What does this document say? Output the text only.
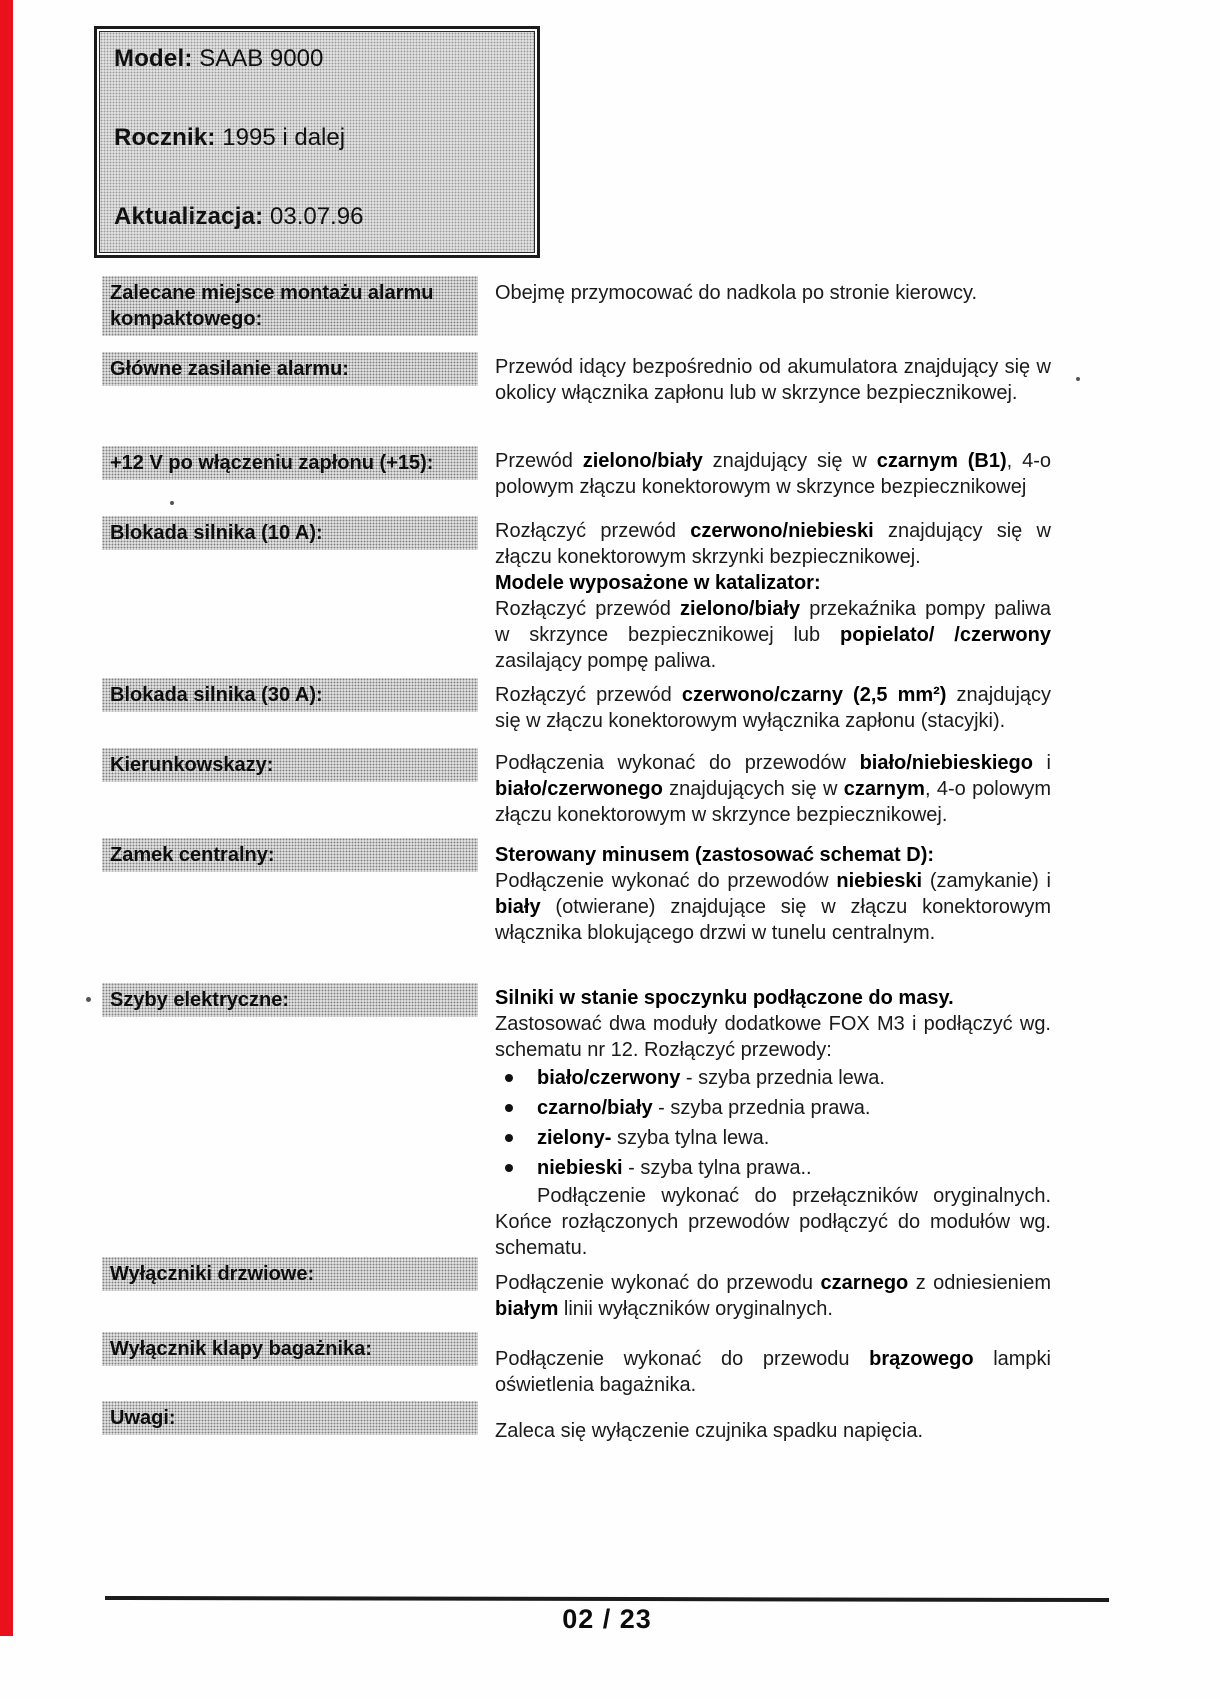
Model: SAAB 9000
Rocznik: 1995 i dalej
Aktualizacja: 03.07.96
Zalecane miejsce montażu alarmu kompaktowego:

Obejmę przymocować do nadkola po stronie kierowcy.

Główne zasilanie alarmu:	Przewód idący bezpośrednio od akumulatora znajdujący się w okolicy włącznika zapłonu lub w skrzynce bezpiecznikowej.

+12 V po włączeniu zapłonu (+15):	Przewód zielono/biały znajdujący się w czarnym (B1), 4-o polowym złączu konektorowym w skrzynce bezpiecznikowej

Blokada silnika (10 A):	Rozłączyć przewód czerwono/niebieski znajdujący się w złączu konektorowym skrzynki bezpiecznikowej.

Modele wyposażone w katalizator:

Rozłączyć przewód zielono/biały przekaźnika pompy paliwa w skrzynce bezpiecznikowej lub popielato/ /czerwony zasilający pompę paliwa.

Blokada silnika (30 A):	Rozłączyć przewód czerwono/czarny (2,5 mm²) znajdujący się w złączu konektorowym wyłącznika zapłonu (stacyjki).

Kierunkowskazy:	Podłączenia wykonać do przewodów biało/niebieskiego i biało/czerwonego znajdujących się w czarnym, 4-o polowym złączu konektorowym w skrzynce bezpiecznikowej.

Zamek centralny:	Sterowany minusem (zastosować schemat D):

Podłączenie wykonać do przewodów niebieski (zamykanie) i biały (otwierane) znajdujące się w złączu konektorowym włącznika blokującego drzwi w tunelu centralnym.

Szyby elektryczne:	Silniki w stanie spoczynku podłączone do masy.

Zastosować dwa moduły dodatkowe FOX M3 i podłączyć wg. schematu nr 12. Rozłączyć przewody:

biało/czerwony - szyba przednia lewa.
czarno/biały - szyba przednia prawa.
zielony- szyba tylna lewa.
niebieski - szyba tylna prawa..

Podłączenie wykonać do przełączników oryginalnych. Końce rozłączonych przewodów podłączyć do modułów wg. schematu.

Wyłączniki drzwiowe:	Podłączenie wykonać do przewodu czarnego z odniesieniem białym linii wyłączników oryginalnych.

Wyłącznik klapy bagażnika:	Podłączenie wykonać do przewodu brązowego lampki oświetlenia bagażnika.

Uwagi:

Zaleca się wyłączenie czujnika spadku napięcia.

02 / 23
